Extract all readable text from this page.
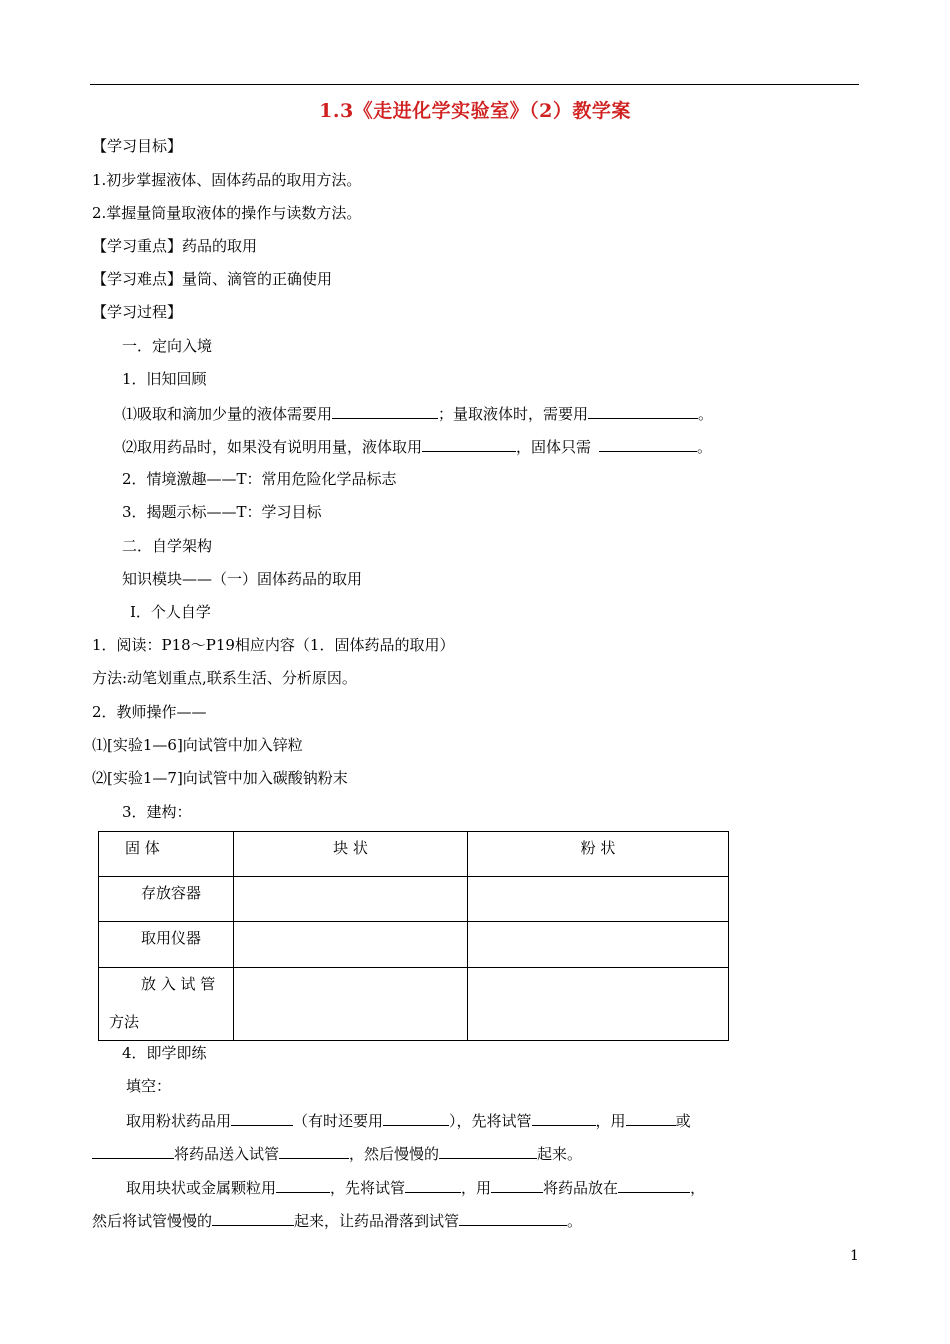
1.3《走进化学实验室》（2）教学案
【学习目标】
1.初步掌握液体、固体药品的取用方法。
2.掌握量筒量取液体的操作与读数方法。
【学习重点】药品的取用
【学习难点】量筒、滴管的正确使用
【学习过程】
一．定向入境
1．旧知回顾
⑴吸取和滴加少量的液体需要用	；量取液体时，需要用	。
⑵取用药品时，如果没有说明用量，液体取用	，固体只需	。
2．情境激趣——T：常用危险化学品标志
3．揭题示标——T：学习目标
二．自学架构
知识模块——（一）固体药品的取用
Ⅰ．个人自学
1．阅读：P18～P19相应内容（1．固体药品的取用）
方法:动笔划重点,联系生活、分析原因。
2．教师操作——
⑴[实验1—6]向试管中加入锌粒
⑵[实验1—7]向试管中加入碳酸钠粉末
3．建构：
固 体	块 状	粉 状

存放容器		

取用仪器		

放 入 试 管
方法		

4．即学即练
填空：
取用粉状药品用	（有时还要用	），先将试管	，用	或
将药品送入试管	，然后慢慢的	起来。
取用块状或金属颗粒用	，先将试管	，用	将药品放在	，
然后将试管慢慢的	起来，让药品滑落到试管	。
1
